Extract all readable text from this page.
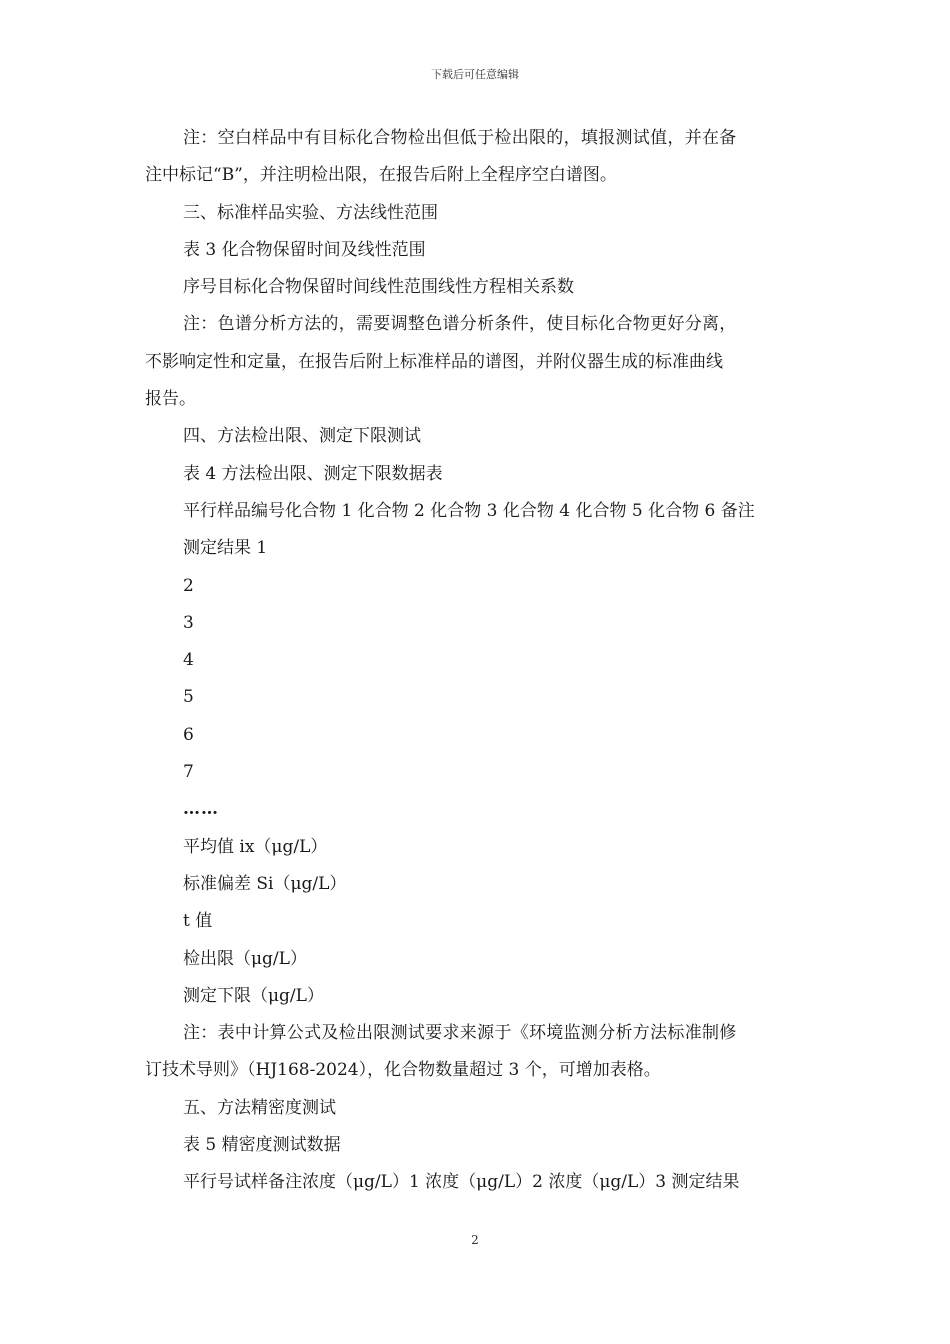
下载后可任意编辑
注：空白样品中有目标化合物检出但低于检出限的，填报测试值，并在备
注中标记“B”，并注明检出限，在报告后附上全程序空白谱图。
三、标准样品实验、方法线性范围
表 3 化合物保留时间及线性范围
序号目标化合物保留时间线性范围线性方程相关系数
注：色谱分析方法的，需要调整色谱分析条件，使目标化合物更好分离，
不影响定性和定量，在报告后附上标准样品的谱图，并附仪器生成的标准曲线
报告。
四、方法检出限、测定下限测试
表 4 方法检出限、测定下限数据表
平行样品编号化合物 1 化合物 2 化合物 3 化合物 4 化合物 5 化合物 6 备注
测定结果 1
2
3
4
5
6
7
……
平均值 ix（μg/L）
标准偏差 Si（μg/L）
t 值
检出限（μg/L）
测定下限（μg/L）
注：表中计算公式及检出限测试要求来源于《环境监测分析方法标准制修
订技术导则》（HJ168-2024），化合物数量超过 3 个，可增加表格。
五、方法精密度测试
表 5 精密度测试数据
平行号试样备注浓度（μg/L）1 浓度（μg/L）2 浓度（μg/L）3 测定结果
2
